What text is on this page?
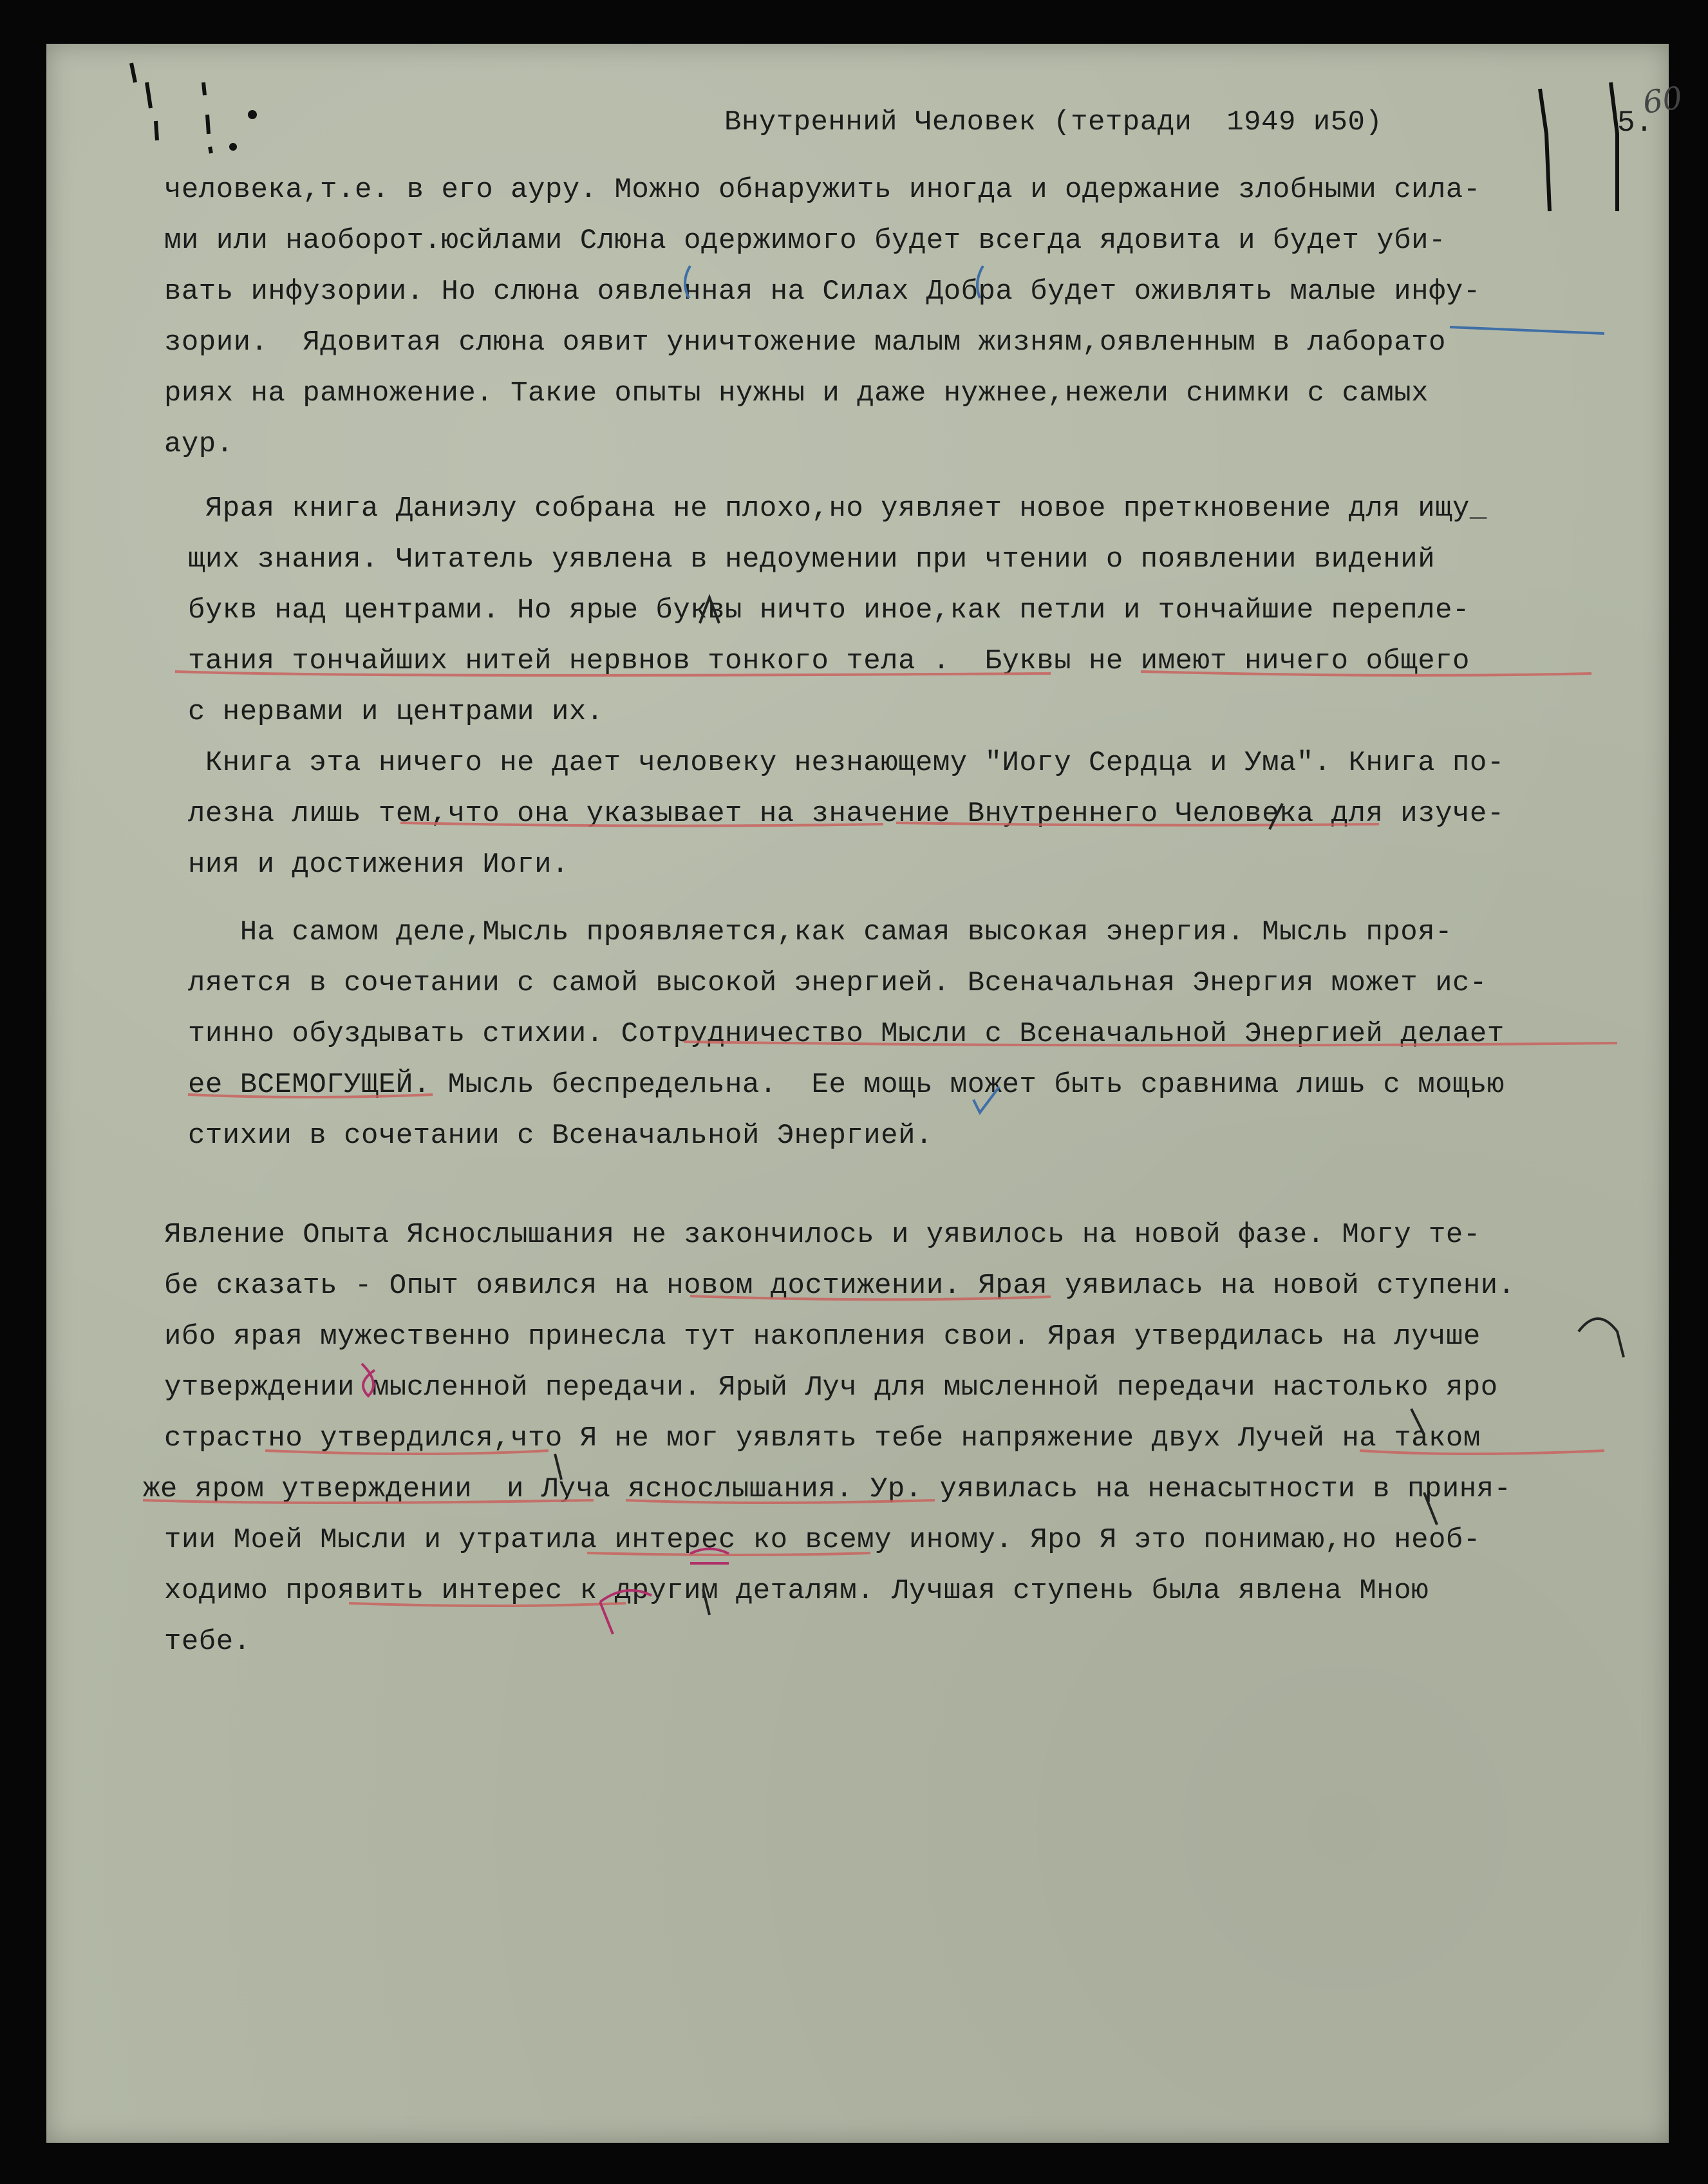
Внутренний Человек (тетради  1949 и50)	5.
60
человека,т.е. в его ауру. Можно обнаружить иногда и одержание злобными сила-
ми или наоборот.юсйлами Слюна одержимого будет всегда ядовита и будет уби-
вать инфузории. Но слюна оявленная на Силах Добра будет оживлять малые инфу-
зории.  Ядовитая слюна оявит уничтожение малым жизням,оявленным в лаборато
риях на рамножение. Такие опыты нужны и даже нужнее,нежели снимки с самых
аур.
Ярая книга Даниэлу собрана не плохо,но уявляет новое преткновение для ищу_
щих знания. Читатель уявлена в недоумении при чтении о появлении видений
букв над центрами. Но ярые буквы ничто иное,как петли и тончайшие перепле-
тания тончайших нитей нервнов тонкого тела .  Буквы не имеют ничего общего
с нервами и центрами их.
Книга эта ничего не дает человеку незнающему "Иогу Сердца и Ума". Книга по-
лезна лишь тем,что она указывает на значение Внутреннего Человека для изуче-
ния и достижения Иоги.
На самом деле,Мысль проявляется,как самая высокая энергия. Мысль проя-
ляется в сочетании с самой высокой энергией. Всеначальная Энергия может ис-
тинно обуздывать стихии. Сотрудничество Мысли с Всеначальной Энергией делает
ее ВСЕМОГУЩЕЙ. Мысль беспредельна.  Ее мощь может быть сравнима лишь с мощью
стихии в сочетании с Всеначальной Энергией.
Явление Опыта Яснослышания не закончилось и уявилось на новой фазе. Могу те-
бе сказать - Опыт оявился на новом достижении. Ярая уявилась на новой ступени.
ибо ярая мужественно принесла тут накопления свои. Ярая утвердилась на лучше
утверждении мысленной передачи. Ярый Луч для мысленной передачи настолько яро
страстно утвердился,что Я не мог уявлять тебе напряжение двух Лучей на таком
же яром утверждении  и Луча яснослышания. Ур. уявилась на ненасытности в приня-
тии Моей Мысли и утратила интерес ко всему иному. Яро Я это понимаю,но необ-
ходимо проявить интерес к другим деталям. Лучшая ступень была явлена Мною
тебе.
